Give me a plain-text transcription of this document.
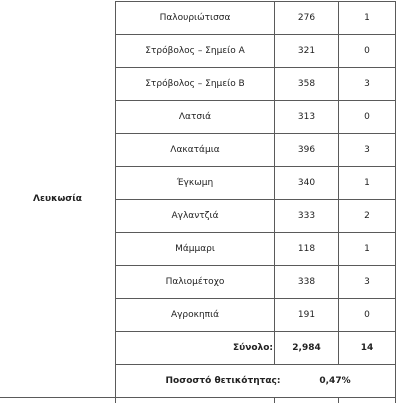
Λευκωσία
Παλουριώτισσα	276	1
Στρόβολος – Σημείο Α	321	0
Στρόβολος – Σημείο Β	358	3
Λατσιά	313	0
Λακατάμια	396	3
Έγκωμη	340	1
Αγλαντζιά	333	2
Μάμμαρι	118	1
Παλιομέτοχο	338	3
Αγροκηπιά	191	0
Σύνολο:	2,984	14
Ποσοστό θετικότητας:	0,47%
